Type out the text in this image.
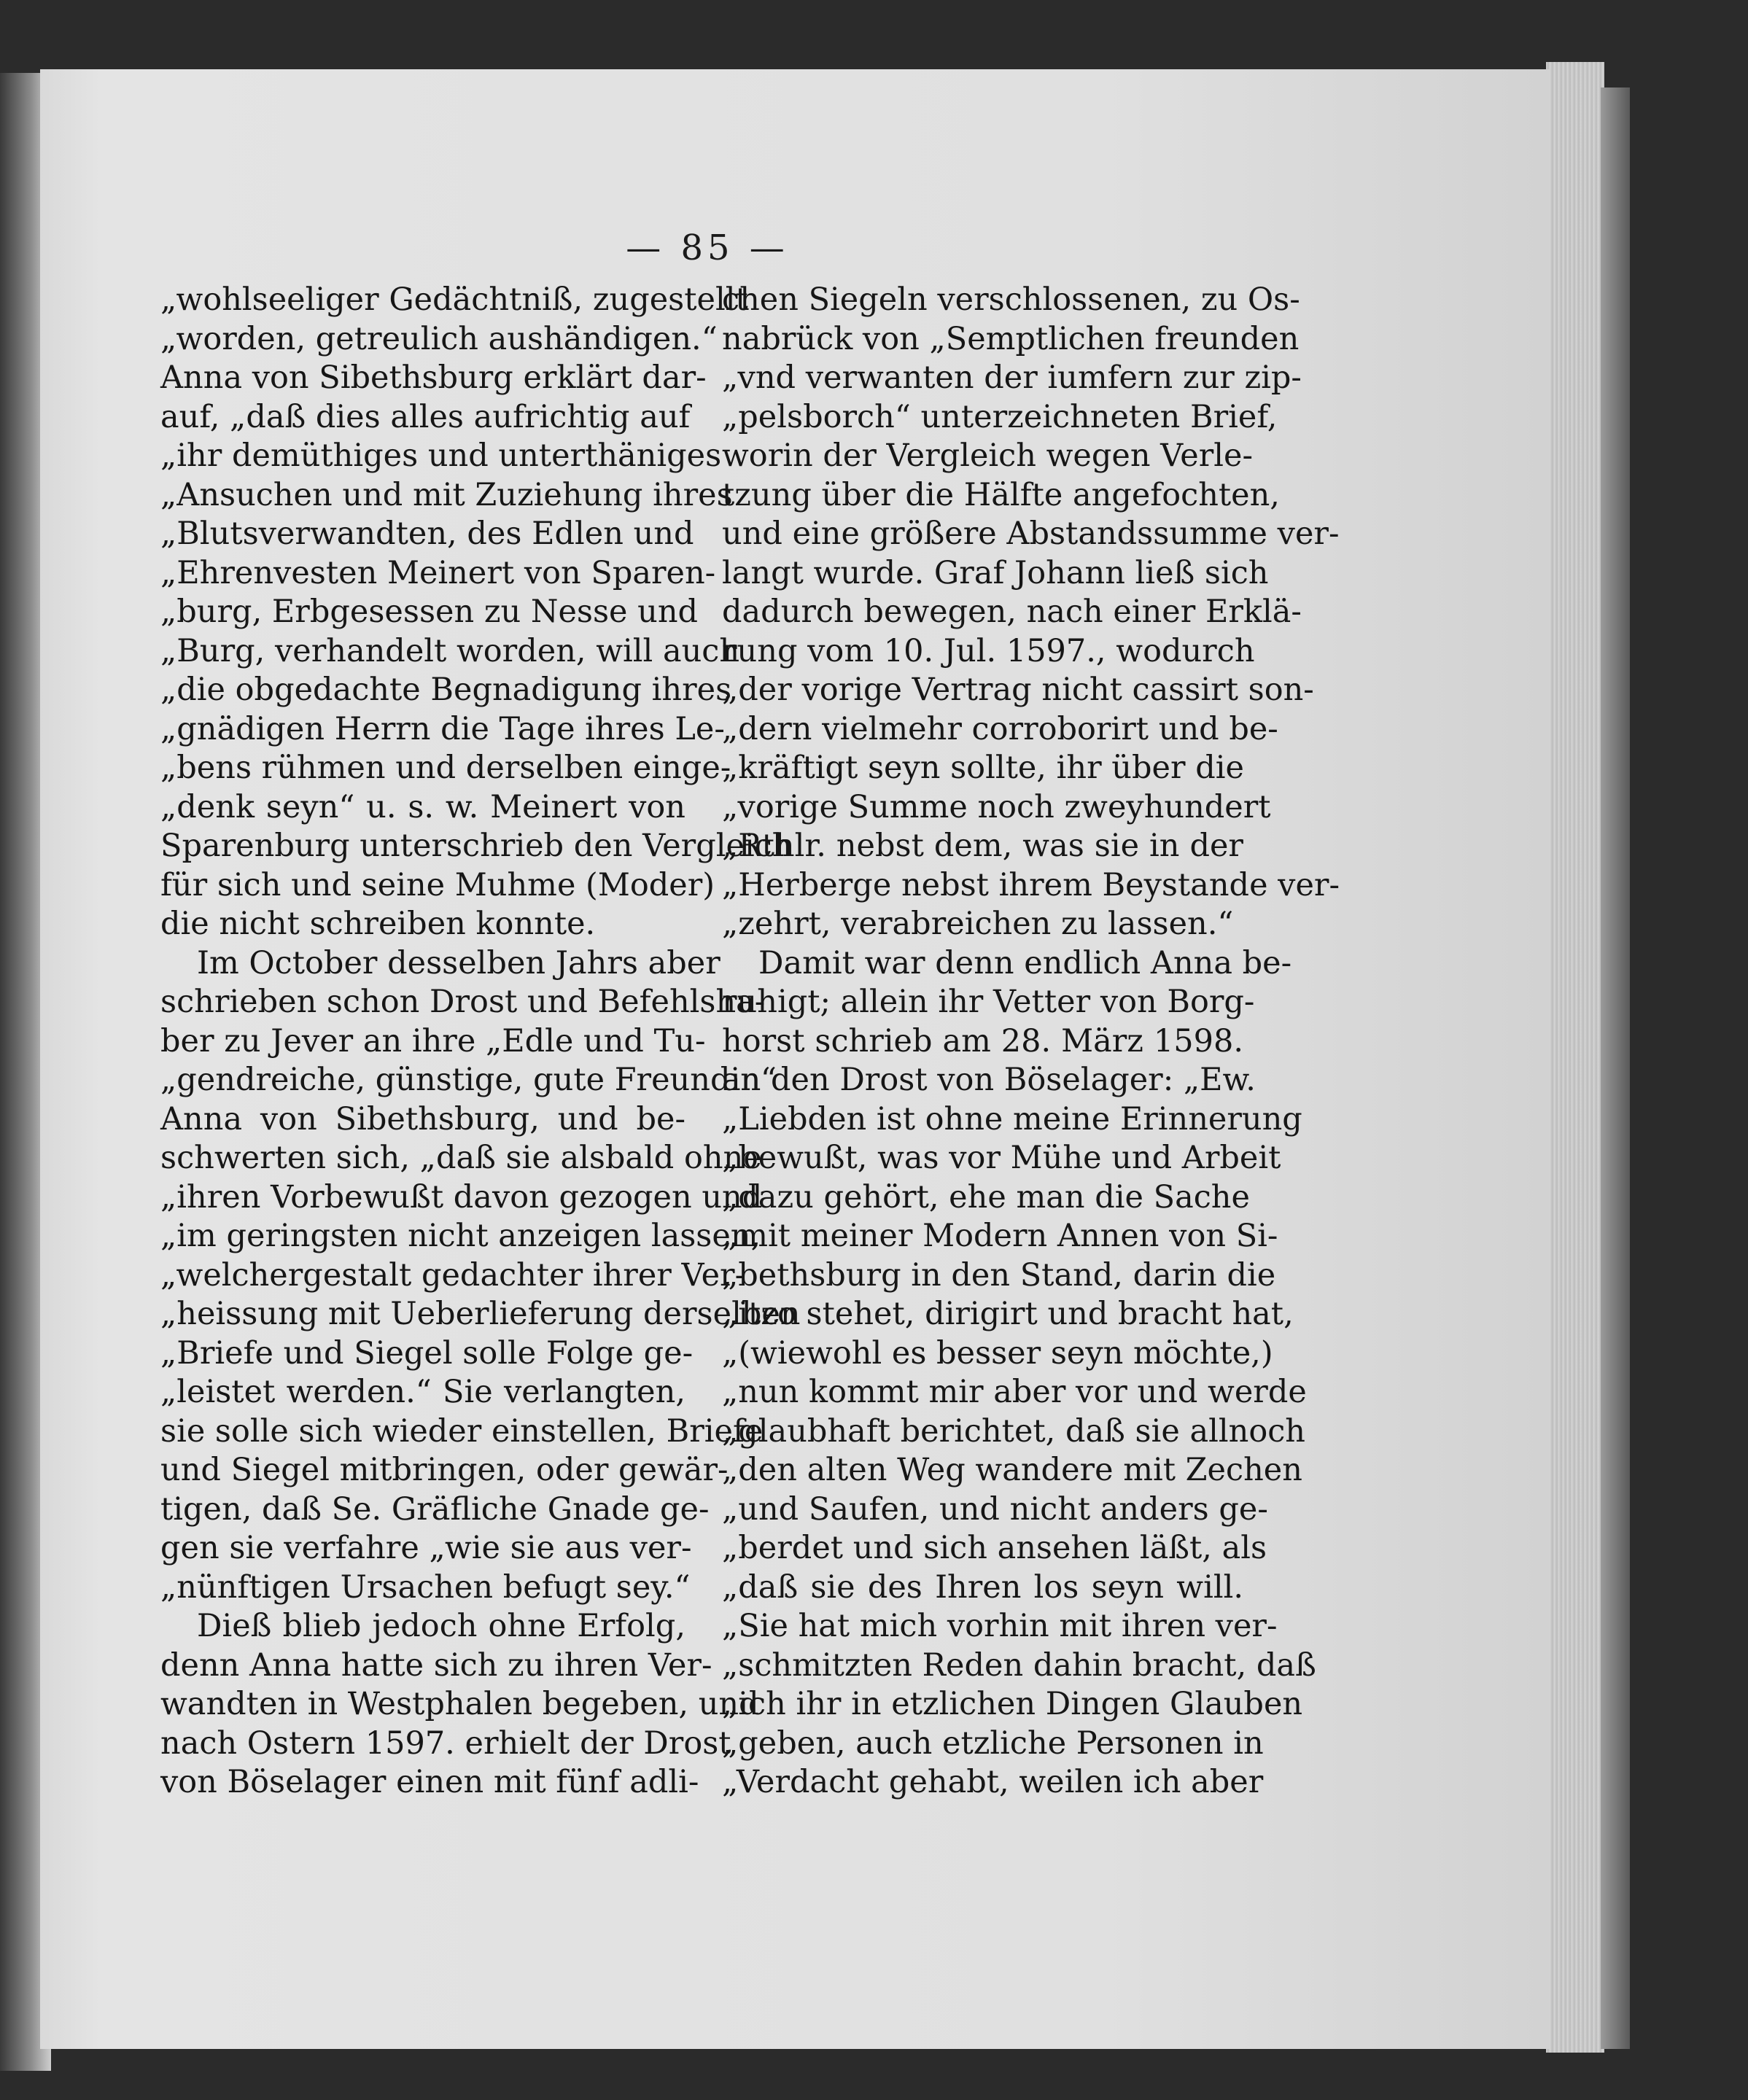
— 85 —
„wohlseeliger Gedächtniß, zugestellt
„worden, getreulich aushändigen.“
Anna von Sibethsburg erklärt dar-
auf, „daß dies alles aufrichtig auf
„ihr demüthiges und unterthäniges
„Ansuchen und mit Zuziehung ihres
„Blutsverwandten, des Edlen und
„Ehrenvesten Meinert von Sparen-
„burg, Erbgesessen zu Nesse und
„Burg, verhandelt worden, will auch
„die obgedachte Begnadigung ihres
„gnädigen Herrn die Tage ihres Le-
„bens rühmen und derselben einge-
„denk seyn“ u. s. w. Meinert von
Sparenburg unterschrieb den Vergleich
für sich und seine Muhme (Moder)
die nicht schreiben konnte.
Im October desselben Jahrs aber
schrieben schon Drost und Befehlsha-
ber zu Jever an ihre „Edle und Tu-
„gendreiche, günstige, gute Freundin“
Anna von Sibethsburg, und be-
schwerten sich, „daß sie alsbald ohne
„ihren Vorbewußt davon gezogen und
„im geringsten nicht anzeigen lassen,
„welchergestalt gedachter ihrer Ver-
„heissung mit Ueberlieferung derselben
„Briefe und Siegel solle Folge ge-
„leistet werden.“ Sie verlangten,
sie solle sich wieder einstellen, Briefe
und Siegel mitbringen, oder gewär-
tigen, daß Se. Gräfliche Gnade ge-
gen sie verfahre „wie sie aus ver-
„nünftigen Ursachen befugt sey.“
Dieß blieb jedoch ohne Erfolg,
denn Anna hatte sich zu ihren Ver-
wandten in Westphalen begeben, und
nach Ostern 1597. erhielt der Drost
von Böselager einen mit fünf adli-
chen Siegeln verschlossenen, zu Os-
nabrück von „Semptlichen freunden
„vnd verwanten der iumfern zur zip-
„pelsborch“ unterzeichneten Brief,
worin der Vergleich wegen Verle-
tzung über die Hälfte angefochten,
und eine größere Abstandssumme ver-
langt wurde. Graf Johann ließ sich
dadurch bewegen, nach einer Erklä-
rung vom 10. Jul. 1597., wodurch
„der vorige Vertrag nicht cassirt son-
„dern vielmehr corroborirt und be-
„kräftigt seyn sollte, ihr über die
„vorige Summe noch zweyhundert
„Rthlr. nebst dem, was sie in der
„Herberge nebst ihrem Beystande ver-
„zehrt, verabreichen zu lassen.“
Damit war denn endlich Anna be-
ruhigt; allein ihr Vetter von Borg-
horst schrieb am 28. März 1598.
an den Drost von Böselager: „Ew.
„Liebden ist ohne meine Erinnerung
„bewußt, was vor Mühe und Arbeit
„dazu gehört, ehe man die Sache
„mit meiner Modern Annen von Si-
„bethsburg in den Stand, darin die
„itzo stehet, dirigirt und bracht hat,
„(wiewohl es besser seyn möchte,)
„nun kommt mir aber vor und werde
„glaubhaft berichtet, daß sie allnoch
„den alten Weg wandere mit Zechen
„und Saufen, und nicht anders ge-
„berdet und sich ansehen läßt, als
„daß sie des Ihren los seyn will.
„Sie hat mich vorhin mit ihren ver-
„schmitzten Reden dahin bracht, daß
„ich ihr in etzlichen Dingen Glauben
„geben, auch etzliche Personen in
„Verdacht gehabt, weilen ich aber
